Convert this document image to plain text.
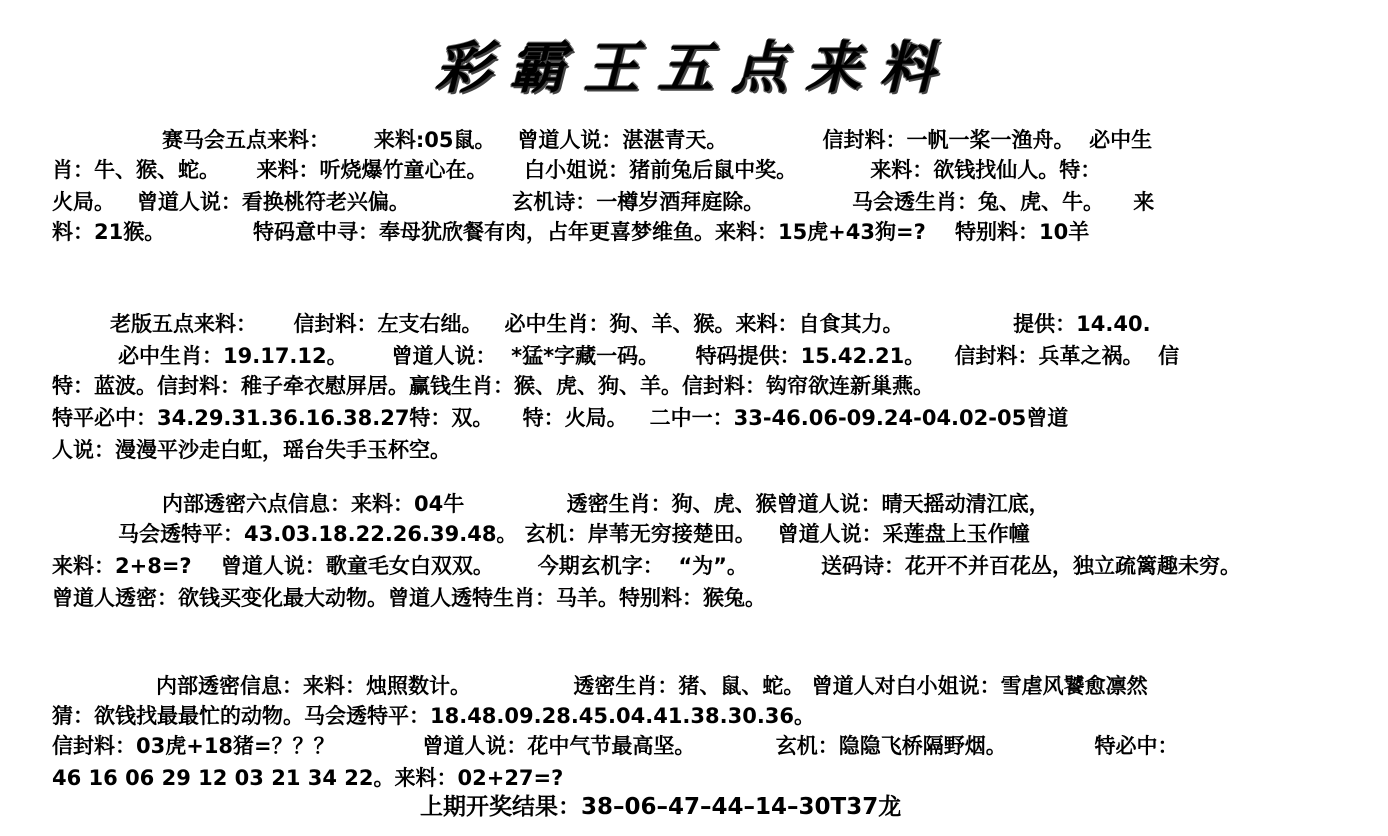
彩霸王五点来料
赛马会五点来料：      来料:05鼠。   曾道人说：湛湛青天。             信封料：一帆一桨一渔舟。  必中生
肖：牛、猴、蛇。     来料：听烧爆竹童心在。     白小姐说：猪前兔后鼠中奖。          来料：欲钱找仙人。特：
火局。   曾道人说：看换桃符老兴偏。              玄机诗：一樽岁酒拜庭除。            马会透生肖：兔、虎、牛。    来
料：21猴。            特码意中寻：奉母犹欣餐有肉，占年更喜梦维鱼。来料：15虎+43狗=?    特别料：10羊
老版五点来料：     信封料：左支右绌。   必中生肖：狗、羊、猴。来料：自食其力。               提供：14.40.
必中生肖：19.17.12。      曾道人说：  *猛*字藏一码。     特码提供：15.42.21。    信封料：兵革之祸。  信
特：蓝波。信封料：稚子牵衣慰屏居。赢钱生肖：猴、虎、狗、羊。信封料：钩帘欲连新巢燕。
特平必中：34.29.31.36.16.38.27特：双。    特：火局。   二中一：33-46.06-09.24-04.02-05曾道
人说：漫漫平沙走白虹，瑶台失手玉杯空。
内部透密六点信息：来料：04牛              透密生肖：狗、虎、猴曾道人说：晴天摇动清江底，
马会透特平：43.03.18.22.26.39.48。 玄机：岸苇无穷接楚田。   曾道人说：采莲盘上玉作幢
来料：2+8=?    曾道人说：歌童毛女白双双。      今期玄机字：  “为”。          送码诗：花开不并百花丛，独立疏篱趣未穷。
曾道人透密：欲钱买变化最大动物。曾道人透特生肖：马羊。特别料：猴兔。
内部透密信息：来料：烛照数计。              透密生肖：猪、鼠、蛇。 曾道人对白小姐说：雪虐风饕愈凛然
猜：欲钱找最最忙的动物。马会透特平：18.48.09.28.45.04.41.38.30.36。
信封料：03虎+18猪=？？？            曾道人说：花中气节最高坚。           玄机：隐隐飞桥隔野烟。            特必中：
46 16 06 29 12 03 21 34 22。来料：02+27=?
上期开奖结果：38–06–47–44–14–30T37龙
